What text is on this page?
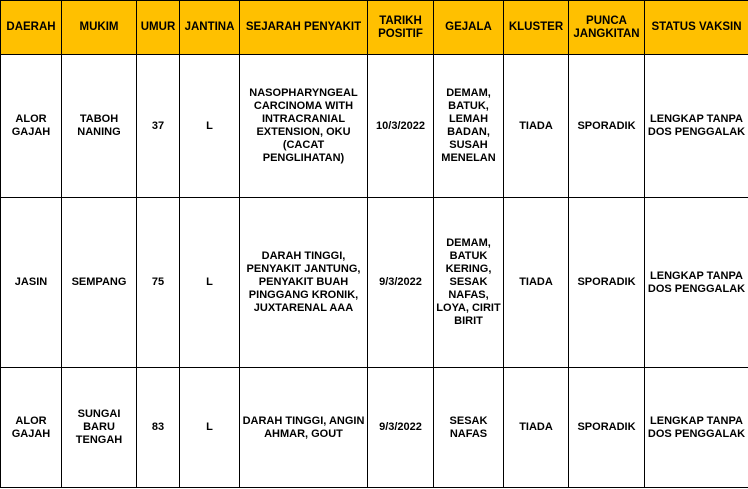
DAERAH	MUKIM	UMUR	JANTINA	SEJARAH PENYAKIT	TARIKH POSITIF	GEJALA	KLUSTER	PUNCA JANGKITAN	STATUS VAKSIN
ALOR GAJAH	TABOH NANING	37	L	NASOPHARYNGEAL CARCINOMA WITH INTRACRANIAL EXTENSION, OKU (CACAT PENGLIHATAN)	10/3/2022	DEMAM, BATUK, LEMAH BADAN, SUSAH MENELAN	TIADA	SPORADIK	LENGKAP TANPA DOS PENGGALAK
JASIN	SEMPANG	75	L	DARAH TINGGI, PENYAKIT JANTUNG, PENYAKIT BUAH PINGGANG KRONIK, JUXTARENAL AAA	9/3/2022	DEMAM, BATUK KERING, SESAK NAFAS, LOYA, CIRIT BIRIT	TIADA	SPORADIK	LENGKAP TANPA DOS PENGGALAK
ALOR GAJAH	SUNGAI BARU TENGAH	83	L	DARAH TINGGI, ANGIN AHMAR, GOUT	9/3/2022	SESAK NAFAS	TIADA	SPORADIK	LENGKAP TANPA DOS PENGGALAK
